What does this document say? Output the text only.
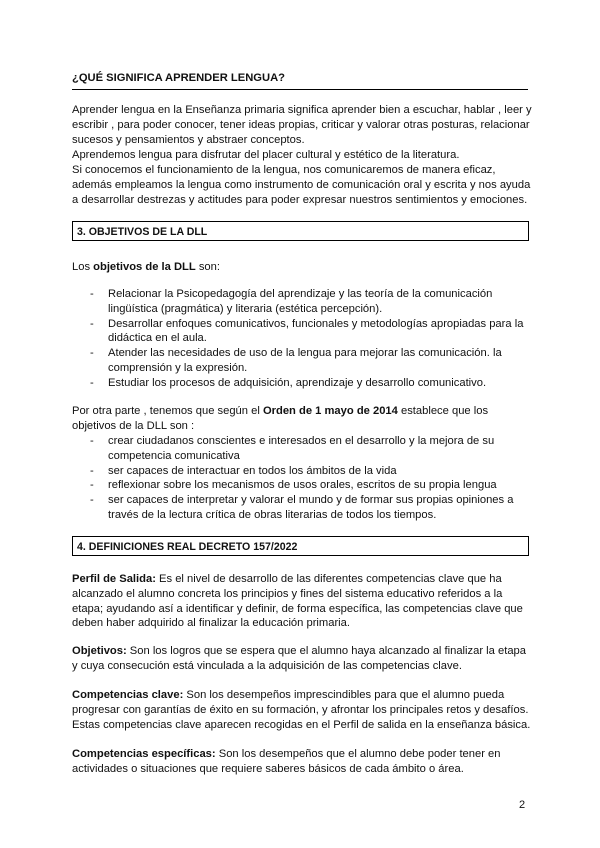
¿QUÉ SIGNIFICA APRENDER LENGUA?

Aprender lengua en la Enseñanza primaria significa aprender bien a escuchar, hablar , leer y escribir , para poder conocer, tener ideas propias, criticar y valorar otras posturas, relacionar sucesos y pensamientos y abstraer conceptos.

Aprendemos lengua para disfrutar del placer cultural y estético de la literatura.

Si conocemos el funcionamiento de la lengua, nos comunicaremos de manera eficaz, además empleamos la lengua como instrumento de comunicación oral y escrita y nos ayuda a desarrollar destrezas y actitudes para poder expresar nuestros sentimientos y emociones.

3. OBJETIVOS DE LA DLL

Los objetivos de la DLL son:

- Relacionar la Psicopedagogía del aprendizaje y las teoría de la comunicación lingüística (pragmática) y literaria (estética percepción).
- Desarrollar enfoques comunicativos, funcionales y metodologías apropiadas para la didáctica en el aula.
- Atender las necesidades de uso de la lengua para mejorar las comunicación. la comprensión y la expresión.
- Estudiar los procesos de adquisición, aprendizaje y desarrollo comunicativo.

Por otra parte , tenemos que según el Orden de 1 mayo de 2014 establece que los objetivos de la DLL son :

- crear ciudadanos conscientes e interesados en el desarrollo y la mejora de su competencia comunicativa
- ser capaces de interactuar en todos los ámbitos de la vida
- reflexionar sobre los mecanismos de usos orales, escritos de su propia lengua
- ser capaces de interpretar y valorar el mundo y de formar sus propias opiniones a través de la lectura crítica de obras literarias de todos los tiempos.
4. DEFINICIONES REAL DECRETO 157/2022

Perfil de Salida: Es el nivel de desarrollo de las diferentes competencias clave que ha alcanzado el alumno concreta los principios y fines del sistema educativo referidos a la etapa; ayudando así a identificar y definir, de forma específica, las competencias clave que deben haber adquirido al finalizar la educación primaria.

Objetivos: Son los logros que se espera que el alumno haya alcanzado al finalizar la etapa y cuya consecución está vinculada a la adquisición de las competencias clave.

Competencias clave: Son los desempeños imprescindibles para que el alumno pueda progresar con garantías de éxito en su formación, y afrontar los principales retos y desafíos. Estas competencias clave aparecen recogidas en el Perfil de salida en la enseñanza básica.

Competencias específicas: Son los desempeños que el alumno debe poder tener en actividades o situaciones que requiere saberes básicos de cada ámbito o área.

2
